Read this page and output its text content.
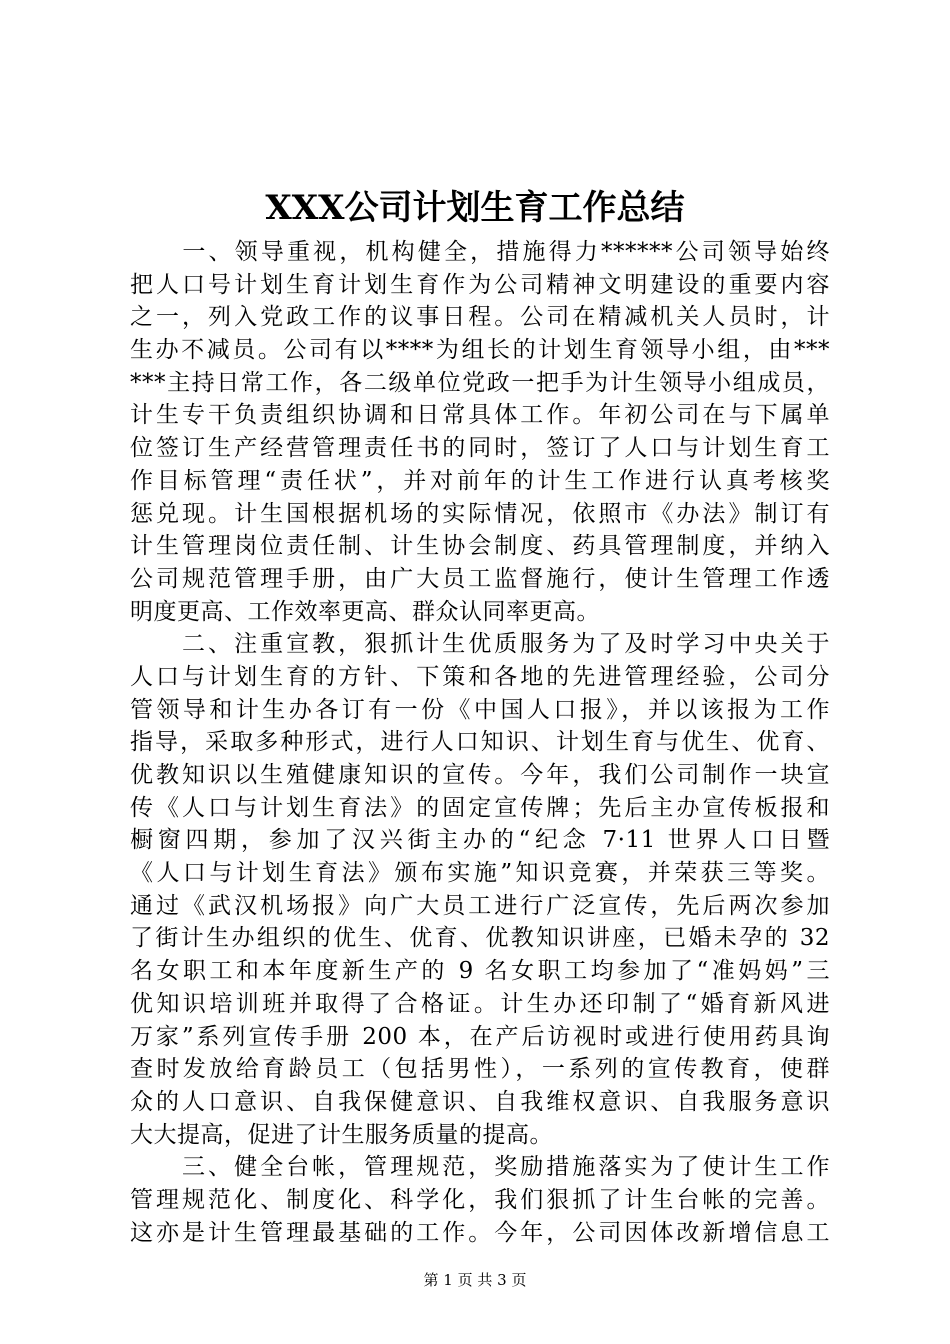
XXX公司计划生育工作总结
　　一、领导重视，机构健全，措施得力******公司领导始终
把人口号计划生育计划生育作为公司精神文明建设的重要内容
之一，列入党政工作的议事日程。公司在精减机关人员时，计
生办不减员。公司有以****为组长的计划生育领导小组，由***
***主持日常工作，各二级单位党政一把手为计生领导小组成员，
计生专干负责组织协调和日常具体工作。年初公司在与下属单
位签订生产经营管理责任书的同时，签订了人口与计划生育工
作目标管理“责任状”，并对前年的计生工作进行认真考核奖
惩兑现。计生国根据机场的实际情况，依照市《办法》制订有
计生管理岗位责任制、计生协会制度、药具管理制度，并纳入
公司规范管理手册，由广大员工监督施行，使计生管理工作透
明度更高、工作效率更高、群众认同率更高。
　　二、注重宣教，狠抓计生优质服务为了及时学习中央关于
人口与计划生育的方针、下策和各地的先进管理经验，公司分
管领导和计生办各订有一份《中国人口报》，并以该报为工作
指导，采取多种形式，进行人口知识、计划生育与优生、优育、
优教知识以生殖健康知识的宣传。今年，我们公司制作一块宣
传《人口与计划生育法》的固定宣传牌；先后主办宣传板报和
橱窗四期，参加了汉兴街主办的“纪念 7·11 世界人口日暨
《人口与计划生育法》颁布实施”知识竞赛，并荣获三等奖。
通过《武汉机场报》向广大员工进行广泛宣传，先后两次参加
了街计生办组织的优生、优育、优教知识讲座，已婚未孕的 32
名女职工和本年度新生产的 9 名女职工均参加了“准妈妈”三
优知识培训班并取得了合格证。计生办还印制了“婚育新风进
万家”系列宣传手册 200 本，在产后访视时或进行使用药具询
查时发放给育龄员工（包括男性），一系列的宣传教育，使群
众的人口意识、自我保健意识、自我维权意识、自我服务意识
大大提高，促进了计生服务质量的提高。
　　三、健全台帐，管理规范，奖励措施落实为了使计生工作
管理规范化、制度化、科学化，我们狠抓了计生台帐的完善。
这亦是计生管理最基础的工作。今年，公司因体改新增信息工
第 1 页 共 3 页
